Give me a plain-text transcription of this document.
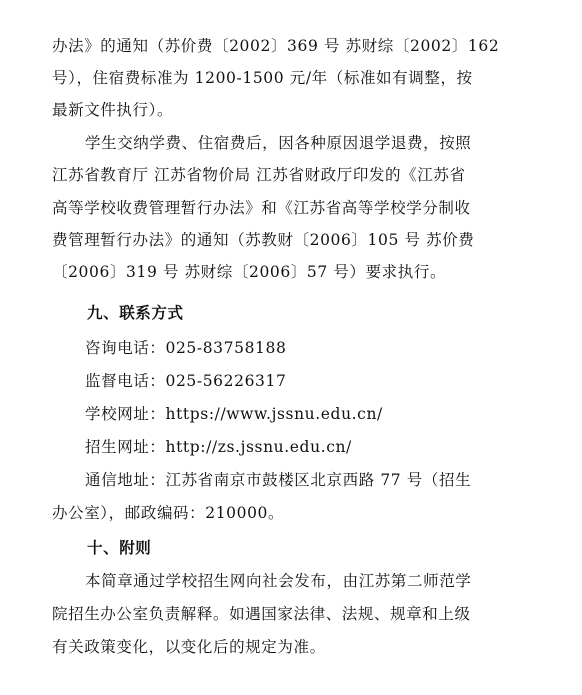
办法》的通知（苏价费〔2002〕369 号 苏财综〔2002〕162
号），住宿费标准为 1200-1500 元/年（标准如有调整，按
最新文件执行）。
学生交纳学费、住宿费后，因各种原因退学退费，按照
江苏省教育厅 江苏省物价局 江苏省财政厅印发的《江苏省
高等学校收费管理暂行办法》和《江苏省高等学校学分制收
费管理暂行办法》的通知（苏教财〔2006〕105 号 苏价费
〔2006〕319 号 苏财综〔2006〕57 号）要求执行。
九、联系方式
咨询电话：025-83758188
监督电话：025-56226317
学校网址：https://www.jssnu.edu.cn/
招生网址：http://zs.jssnu.edu.cn/
通信地址：江苏省南京市鼓楼区北京西路 77 号（招生
办公室），邮政编码：210000。
十、附则
本简章通过学校招生网向社会发布，由江苏第二师范学
院招生办公室负责解释。如遇国家法律、法规、规章和上级
有关政策变化，以变化后的规定为准。
